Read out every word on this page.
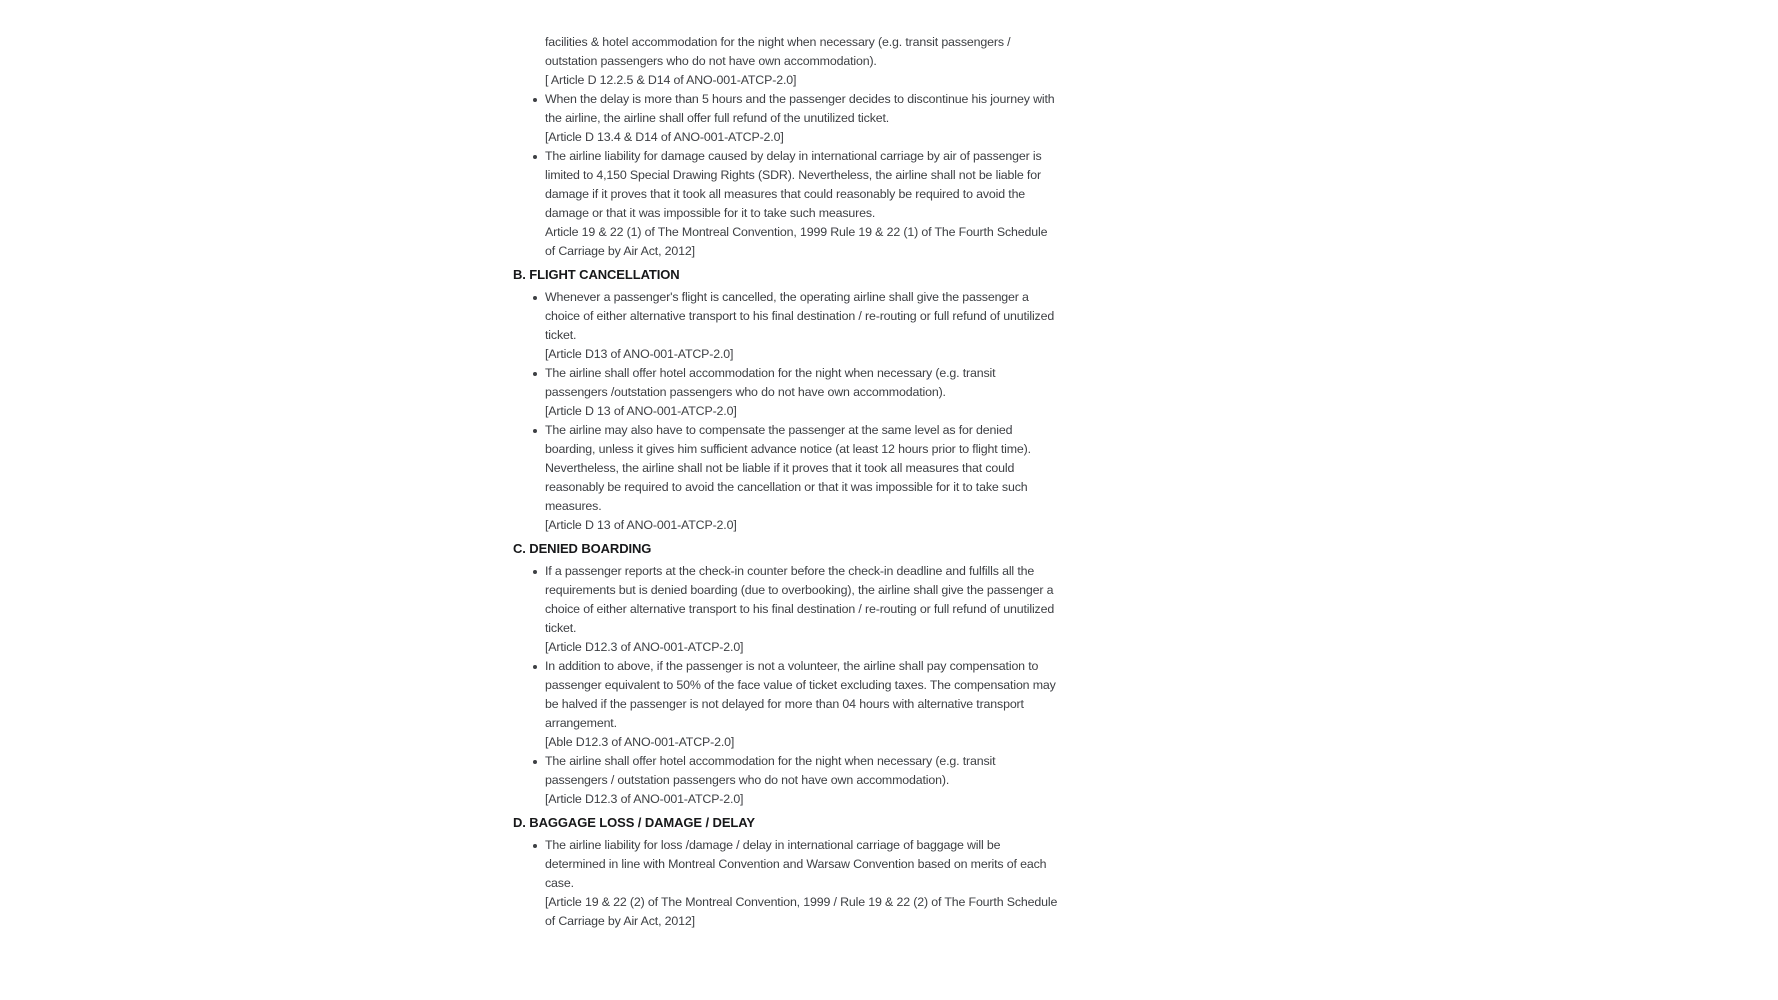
facilities & hotel accommodation for the night when necessary (e.g. transit passengers / outstation passengers who do not have own accommodation).
[ Article D 12.2.5 & D14 of ANO-001-ATCP-2.0]
When the delay is more than 5 hours and the passenger decides to discontinue his journey with the airline, the airline shall offer full refund of the unutilized ticket.
[Article D 13.4 & D14 of ANO-001-ATCP-2.0]
The airline liability for damage caused by delay in international carriage by air of passenger is limited to 4,150 Special Drawing Rights (SDR). Nevertheless, the airline shall not be liable for damage if it proves that it took all measures that could reasonably be required to avoid the damage or that it was impossible for it to take such measures.
Article 19 & 22 (1) of The Montreal Convention, 1999 Rule 19 & 22 (1) of The Fourth Schedule of Carriage by Air Act, 2012]
B. FLIGHT CANCELLATION
Whenever a passenger's flight is cancelled, the operating airline shall give the passenger a choice of either alternative transport to his final destination / re-routing or full refund of unutilized ticket.
[Article D13 of ANO-001-ATCP-2.0]
The airline shall offer hotel accommodation for the night when necessary (e.g. transit passengers /outstation passengers who do not have own accommodation).
[Article D 13 of ANO-001-ATCP-2.0]
The airline may also have to compensate the passenger at the same level as for denied boarding, unless it gives him sufficient advance notice (at least 12 hours prior to flight time). Nevertheless, the airline shall not be liable if it proves that it took all measures that could reasonably be required to avoid the cancellation or that it was impossible for it to take such measures.
[Article D 13 of ANO-001-ATCP-2.0]
C. DENIED BOARDING
If a passenger reports at the check-in counter before the check-in deadline and fulfills all the requirements but is denied boarding (due to overbooking), the airline shall give the passenger a choice of either alternative transport to his final destination / re-routing or full refund of unutilized ticket.
[Article D12.3 of ANO-001-ATCP-2.0]
In addition to above, if the passenger is not a volunteer, the airline shall pay compensation to passenger equivalent to 50% of the face value of ticket excluding taxes. The compensation may be halved if the passenger is not delayed for more than 04 hours with alternative transport arrangement.
[Able D12.3 of ANO-001-ATCP-2.0]
The airline shall offer hotel accommodation for the night when necessary (e.g. transit passengers / outstation passengers who do not have own accommodation).
[Article D12.3 of ANO-001-ATCP-2.0]
D. BAGGAGE LOSS / DAMAGE / DELAY
The airline liability for loss /damage / delay in international carriage of baggage will be determined in line with Montreal Convention and Warsaw Convention based on merits of each case.
[Article 19 & 22 (2) of The Montreal Convention, 1999 / Rule 19 & 22 (2) of The Fourth Schedule of Carriage by Air Act, 2012]
